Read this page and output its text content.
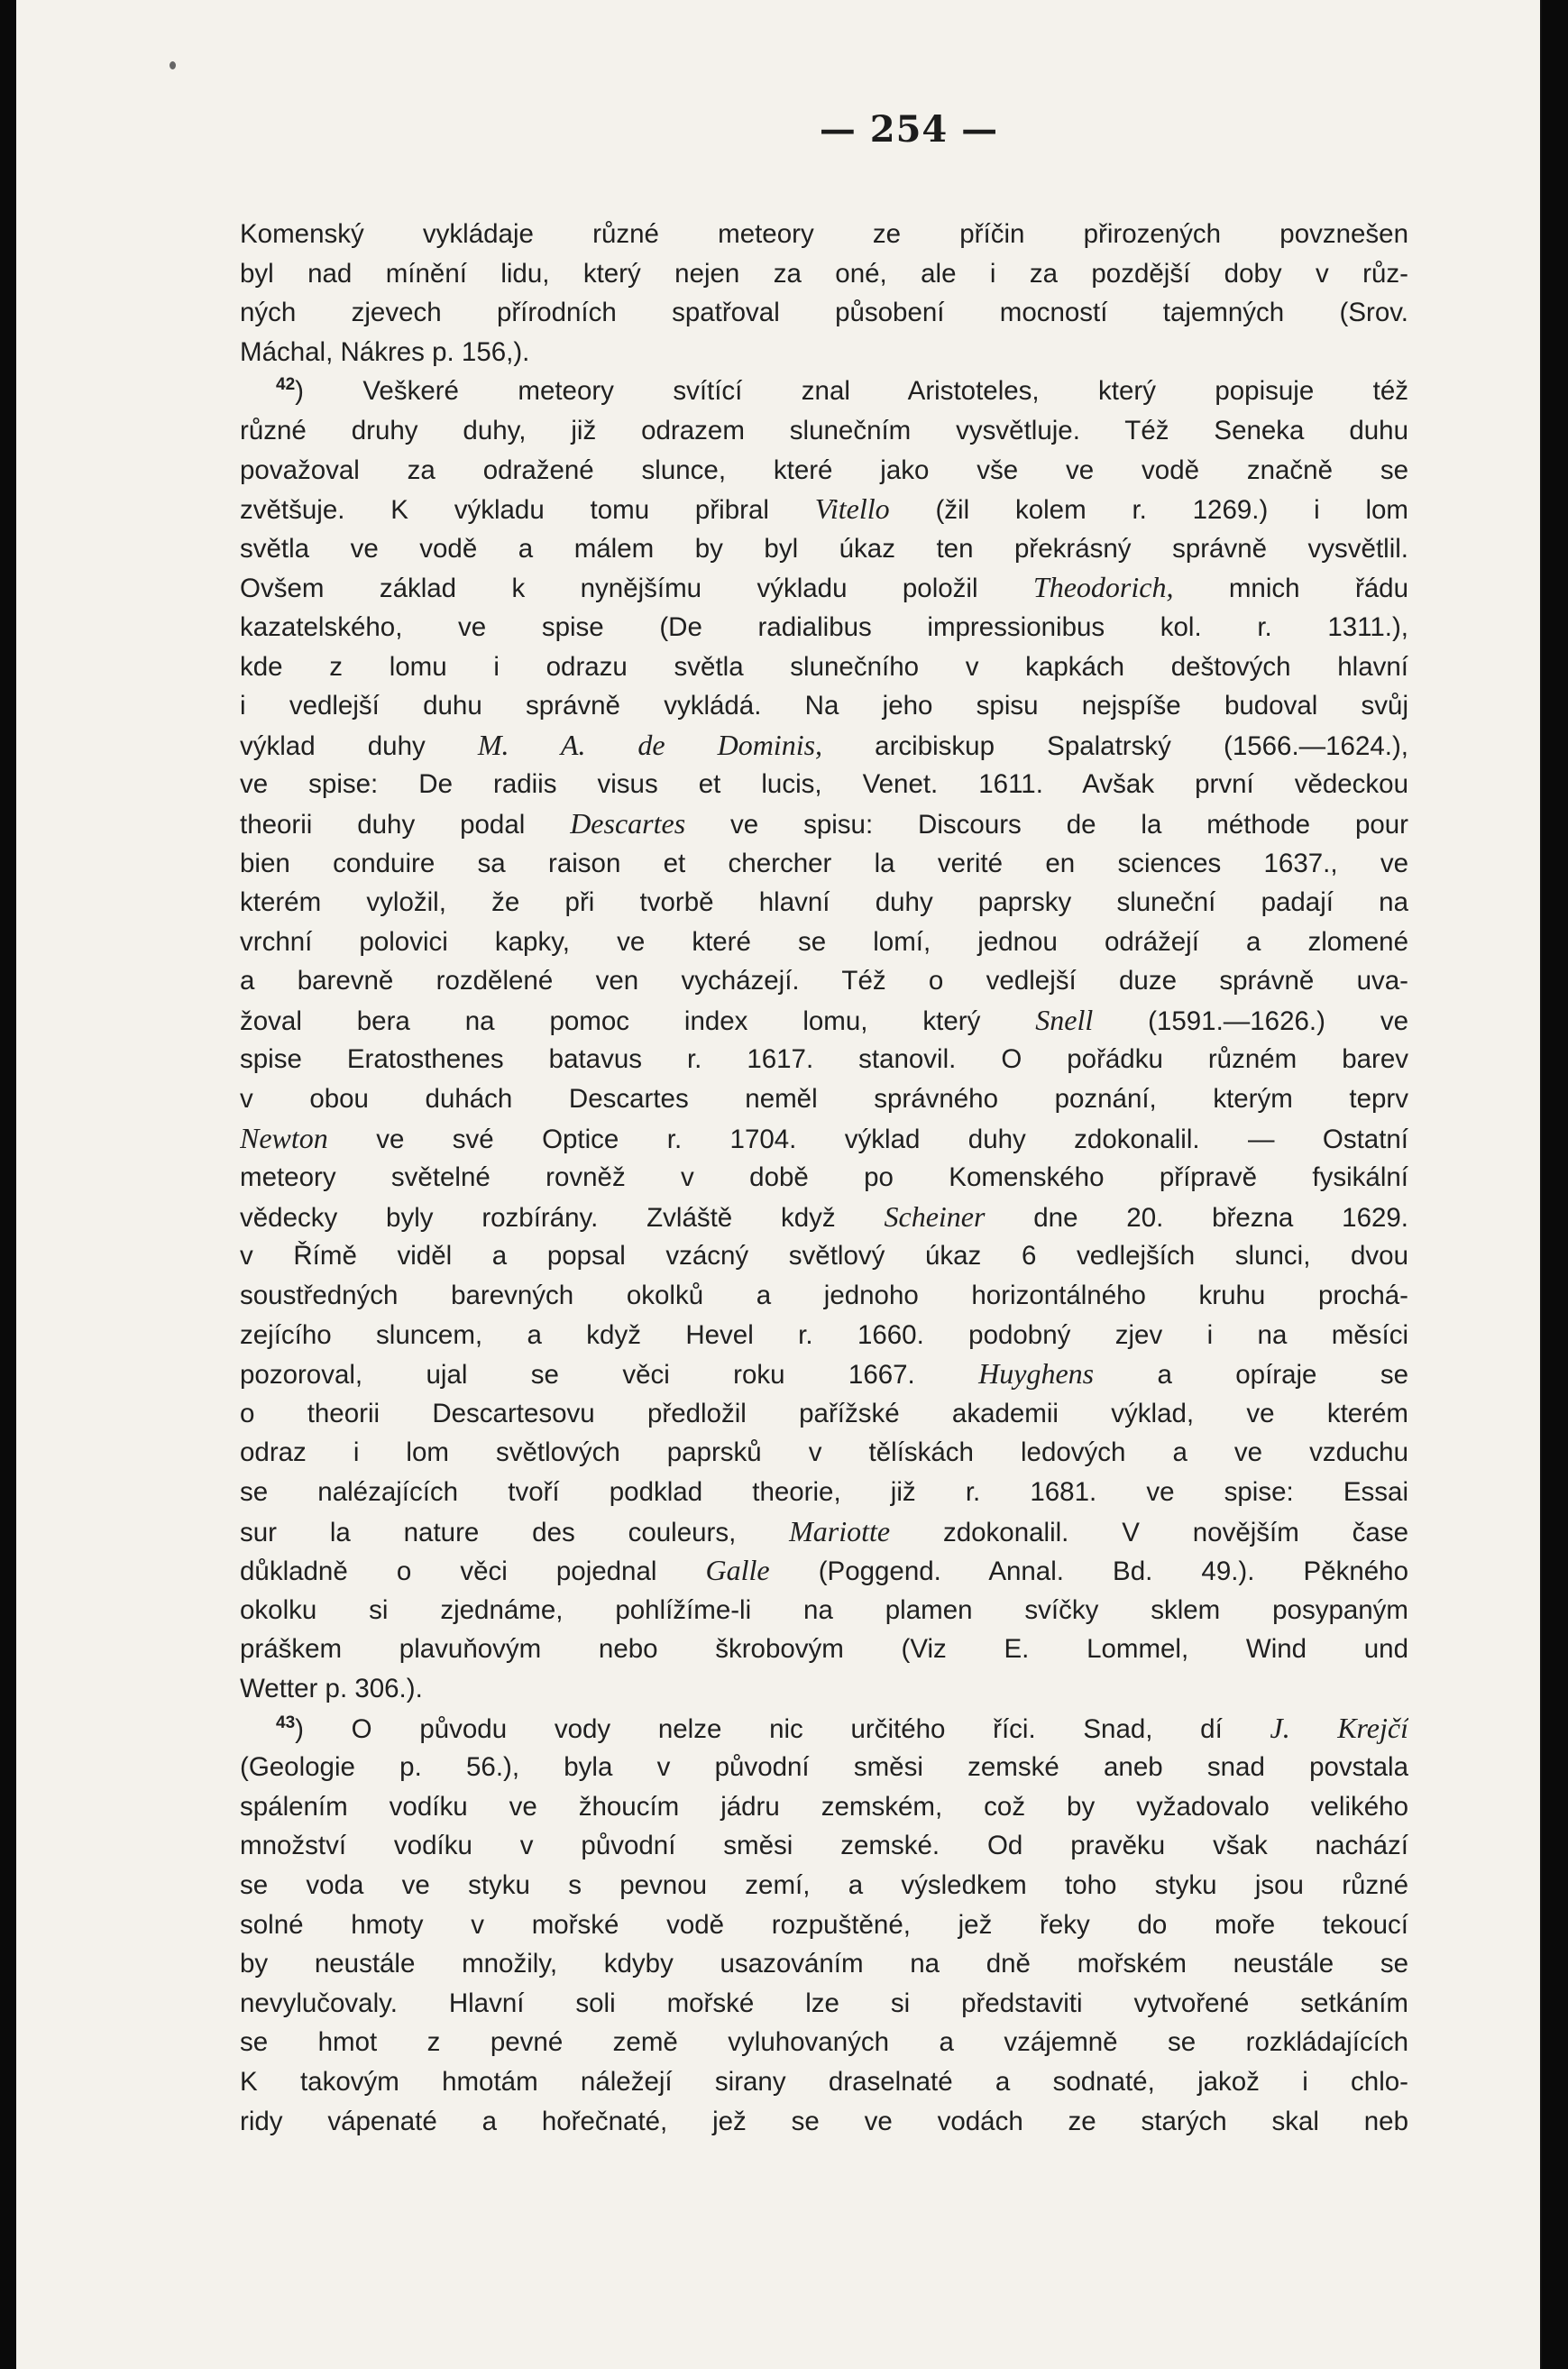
— 254 —
Komenský vykládaje různé meteory ze příčin přirozených povznešen
byl nad mínění lidu, který nejen za oné, ale i za pozdější doby v růz-
ných zjevech přírodních spatřoval působení mocností tajemných (Srov.
Máchal, Nákres p. 156,).
$^{42}$) Veškeré meteory svítící znal Aristoteles, který popisuje též
různé druhy duhy, již odrazem slunečním vysvětluje. Též Seneka duhu
považoval za odražené slunce, které jako vše ve vodě značně se
zvětšuje. K výkladu tomu přibral Vitello (žil kolem r. 1269.) i lom
světla ve vodě a málem by byl úkaz ten překrásný správně vysvětlil.
Ovšem základ k nynějšímu výkladu položil Theodorich, mnich řádu
kazatelského, ve spise (De radialibus impressionibus kol. r. 1311.),
kde z lomu i odrazu světla slunečního v kapkách deštových hlavní
i vedlejší duhu správně vykládá. Na jeho spisu nejspíše budoval svůj
výklad duhy M. A. de Dominis, arcibiskup Spalatrský (1566.—1624.),
ve spise: De radiis visus et lucis, Venet. 1611. Avšak první vědeckou
theorii duhy podal Descartes ve spisu: Discours de la méthode pour
bien conduire sa raison et chercher la verité en sciences 1637., ve
kterém vyložil, že při tvorbě hlavní duhy paprsky sluneční padají na
vrchní polovici kapky, ve které se lomí, jednou odrážejí a zlomené
a barevně rozdělené ven vycházejí. Též o vedlejší duze správně uva-
žoval bera na pomoc index lomu, který Snell (1591.—1626.) ve
spise Eratosthenes batavus r. 1617. stanovil. O pořádku různém barev
v obou duhách Descartes neměl správného poznání, kterým teprv
Newton ve své Optice r. 1704. výklad duhy zdokonalil. — Ostatní
meteory světelné rovněž v době po Komenského přípravě fysikální
vědecky byly rozbírány. Zvláště když Scheiner dne 20. března 1629.
v Římě viděl a popsal vzácný světlový úkaz 6 vedlejších slunci, dvou
soustředných barevných okolků a jednoho horizontálného kruhu prochá-
zejícího sluncem, a když Hevel r. 1660. podobný zjev i na měsíci
pozoroval, ujal se věci roku 1667. Huyghens a opíraje se
o theorii Descartesovu předložil pařížské akademii výklad, ve kterém
odraz i lom světlových paprsků v tělískách ledových a ve vzduchu
se nalézajících tvoří podklad theorie, již r. 1681. ve spise: Essai
sur la nature des couleurs, Mariotte zdokonalil. V novějším čase
důkladně o věci pojednal Galle (Poggend. Annal. Bd. 49.). Pěkného
okolku si zjednáme, pohlížíme-li na plamen svíčky sklem posypaným
práškem plavuňovým nebo škrobovým (Viz E. Lommel, Wind und
Wetter p. 306.).
$^{43}$) O původu vody nelze nic určitého říci. Snad, dí J. Krejčí
(Geologie p. 56.), byla v původní směsi zemské aneb snad povstala
spálením vodíku ve žhoucím jádru zemském, což by vyžadovalo velikého
množství vodíku v původní směsi zemské. Od pravěku však nachází
se voda ve styku s pevnou zemí, a výsledkem toho styku jsou různé
solné hmoty v mořské vodě rozpuštěné, jež řeky do moře tekoucí
by neustále množily, kdyby usazováním na dně mořském neustále se
nevylučovaly. Hlavní soli mořské lze si představiti vytvořené setkáním
se hmot z pevné země vyluhovaných a vzájemně se rozkládajících
K takovým hmotám náležejí sirany draselnaté a sodnaté, jakož i chlo-
ridy vápenaté a hořečnaté, jež se ve vodách ze starých skal neb
